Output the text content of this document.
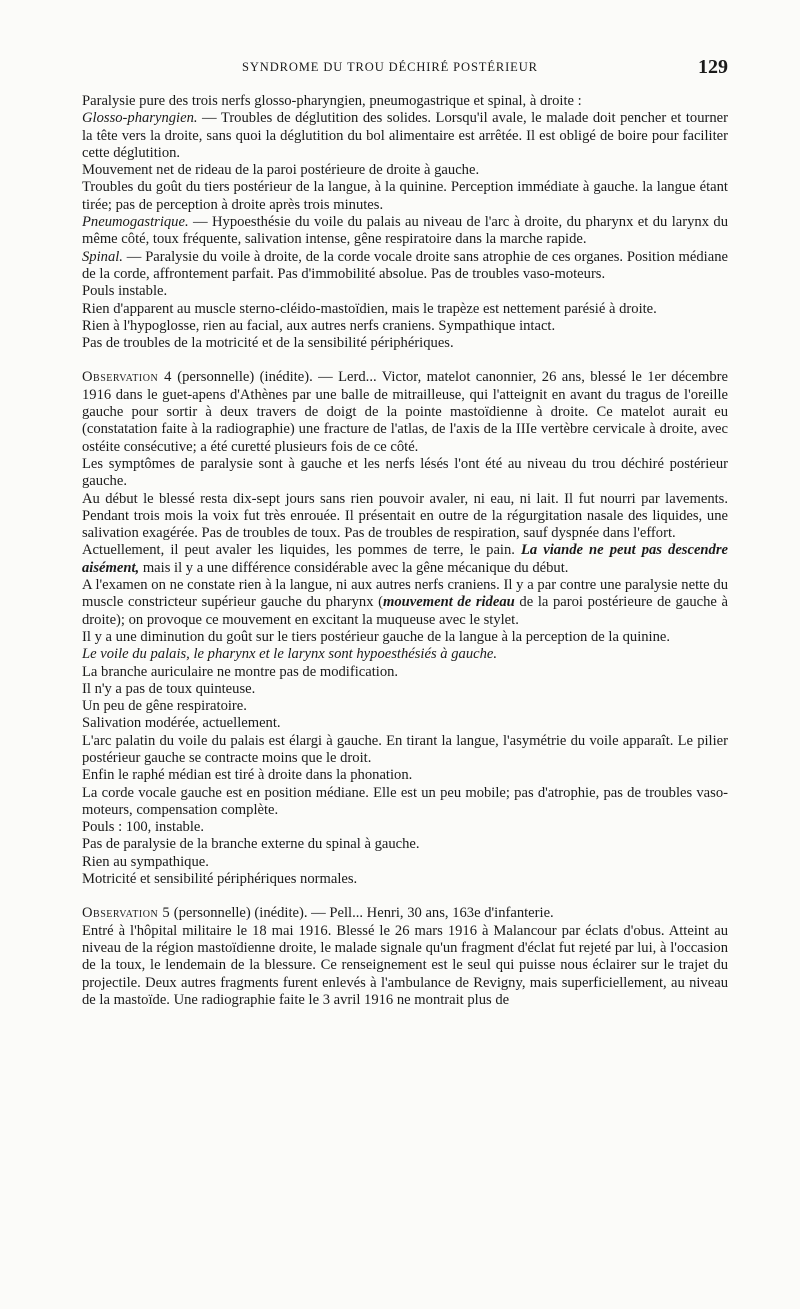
SYNDROME DU TROU DÉCHIRÉ POSTÉRIEUR	129

Paralysie pure des trois nerfs glosso-pharyngien, pneumogastrique et spinal, à droite :

Glosso-pharyngien. — Troubles de déglutition des solides. Lorsqu'il avale, le malade doit pencher et tourner la tête vers la droite, sans quoi la déglutition du bol alimentaire est arrêtée. Il est obligé de boire pour faciliter cette déglutition.

Mouvement net de rideau de la paroi postérieure de droite à gauche.

Troubles du goût du tiers postérieur de la langue, à la quinine. Perception immédiate à gauche. la langue étant tirée; pas de perception à droite après trois minutes.

Pneumogastrique. — Hypoesthésie du voile du palais au niveau de l'arc à droite, du pharynx et du larynx du même côté, toux fréquente, salivation intense, gêne respiratoire dans la marche rapide.

Spinal. — Paralysie du voile à droite, de la corde vocale droite sans atrophie de ces organes. Position médiane de la corde, affrontement parfait. Pas d'immobilité absolue. Pas de troubles vaso-moteurs.

Pouls instable.

Rien d'apparent au muscle sterno-cléido-mastoïdien, mais le trapèze est nettement parésié à droite.

Rien à l'hypoglosse, rien au facial, aux autres nerfs craniens. Sympathique intact.

Pas de troubles de la motricité et de la sensibilité périphériques.

Observation 4 (personnelle) (inédite). — Lerd... Victor, matelot canonnier, 26 ans, blessé le 1er décembre 1916 dans le guet-apens d'Athènes par une balle de mitrailleuse, qui l'atteignit en avant du tragus de l'oreille gauche pour sortir à deux travers de doigt de la pointe mastoïdienne à droite. Ce matelot aurait eu (constatation faite à la radiographie) une fracture de l'atlas, de l'axis de la IIIe vertèbre cervicale à droite, avec ostéite consécutive; a été curetté plusieurs fois de ce côté.

Les symptômes de paralysie sont à gauche et les nerfs lésés l'ont été au niveau du trou déchiré postérieur gauche.

Au début le blessé resta dix-sept jours sans rien pouvoir avaler, ni eau, ni lait. Il fut nourri par lavements. Pendant trois mois la voix fut très enrouée. Il présentait en outre de la régurgitation nasale des liquides, une salivation exagérée. Pas de troubles de toux. Pas de troubles de respiration, sauf dyspnée dans l'effort.

Actuellement, il peut avaler les liquides, les pommes de terre, le pain. La viande ne peut pas descendre aisément, mais il y a une différence considérable avec la gêne mécanique du début.

A l'examen on ne constate rien à la langue, ni aux autres nerfs craniens. Il y a par contre une paralysie nette du muscle constricteur supérieur gauche du pharynx (mouvement de rideau de la paroi postérieure de gauche à droite); on provoque ce mouvement en excitant la muqueuse avec le stylet.

Il y a une diminution du goût sur le tiers postérieur gauche de la langue à la perception de la quinine.

Le voile du palais, le pharynx et le larynx sont hypoesthésiés à gauche.

La branche auriculaire ne montre pas de modification.

Il n'y a pas de toux quinteuse.

Un peu de gêne respiratoire.

Salivation modérée, actuellement.

L'arc palatin du voile du palais est élargi à gauche. En tirant la langue, l'asymétrie du voile apparaît. Le pilier postérieur gauche se contracte moins que le droit.

Enfin le raphé médian est tiré à droite dans la phonation.

La corde vocale gauche est en position médiane. Elle est un peu mobile; pas d'atrophie, pas de troubles vaso-moteurs, compensation complète.

Pouls : 100, instable.

Pas de paralysie de la branche externe du spinal à gauche.

Rien au sympathique.

Motricité et sensibilité périphériques normales.

Observation 5 (personnelle) (inédite). — Pell... Henri, 30 ans, 163e d'infanterie.

Entré à l'hôpital militaire le 18 mai 1916. Blessé le 26 mars 1916 à Malancour par éclats d'obus. Atteint au niveau de la région mastoïdienne droite, le malade signale qu'un fragment d'éclat fut rejeté par lui, à l'occasion de la toux, le lendemain de la blessure. Ce renseignement est le seul qui puisse nous éclairer sur le trajet du projectile. Deux autres fragments furent enlevés à l'ambulance de Revigny, mais superficiellement, au niveau de la mastoïde. Une radiographie faite le 3 avril 1916 ne montrait plus de
